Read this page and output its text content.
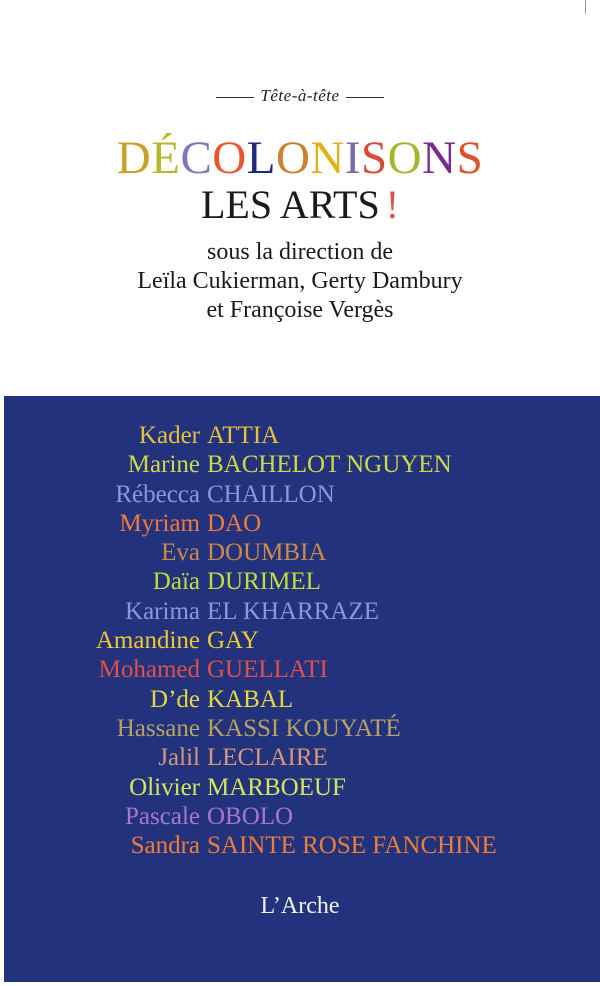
Tête-à-tête
DÉCOLONISONS
LES ARTS !
sous la direction de
Leïla Cukierman, Gerty Dambury
et Françoise Vergès
Kader ATTIA
Marine BACHELOT NGUYEN
Rébecca CHAILLON
Myriam DAO
Eva DOUMBIA
Daïa DURIMEL
Karima EL KHARRAZE
Amandine GAY
Mohamed GUELLATI
D’de KABAL
Hassane KASSI KOUYATÉ
Jalil LECLAIRE
Olivier MARBOEUF
Pascale OBOLO
Sandra SAINTE ROSE FANCHINE
L’Arche
